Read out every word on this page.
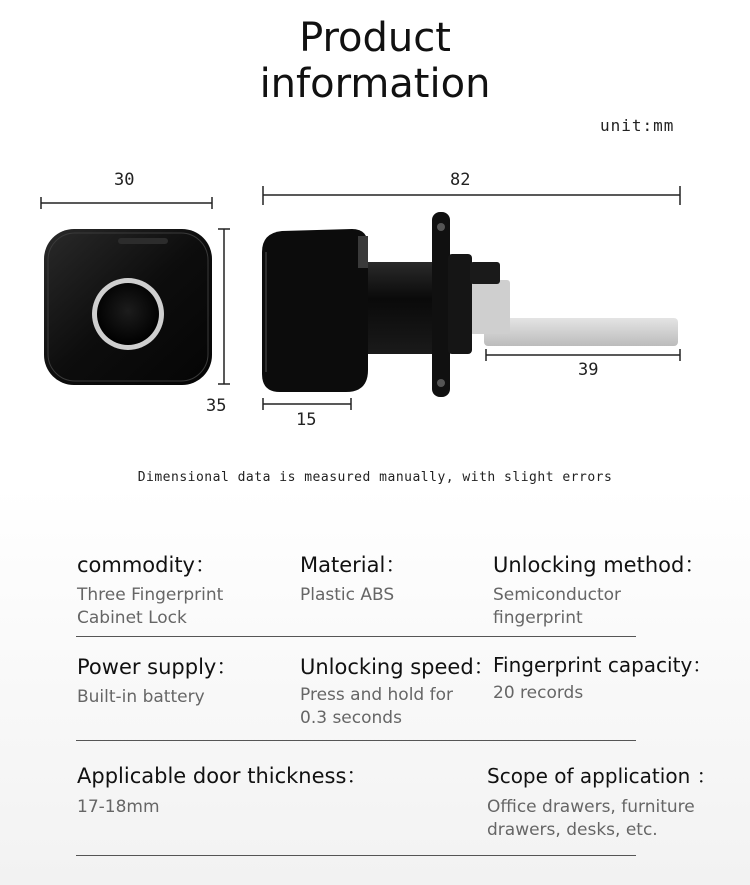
Product
information
unit:mm
30
35
82
15
39
Dimensional data is measured manually, with slight errors
commodity：
Three Fingerprint
Cabinet Lock
Material：
Plastic ABS
Unlocking method：
Semiconductor
fingerprint
Power supply：
Built-in battery
Unlocking speed：
Press and hold for
0.3 seconds
Fingerprint capacity：
20 records
Applicable door thickness：
17-18mm
Scope of application ：
Office drawers, furniture
drawers, desks, etc.
